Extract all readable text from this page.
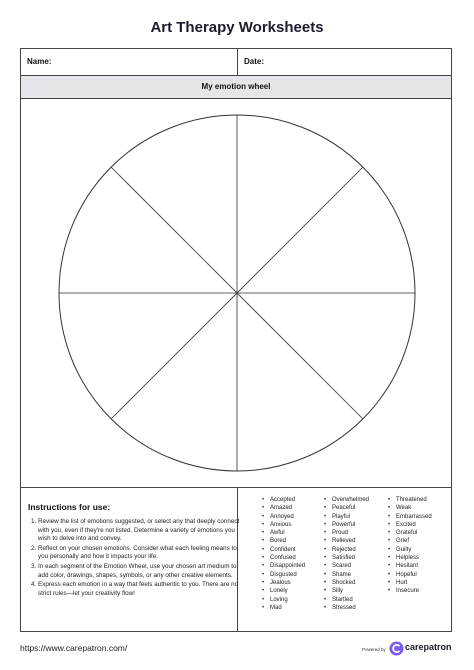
Art Therapy Worksheets
Name:	Date:
My emotion wheel
Instructions for use:
1. Review the list of emotions suggested, or select any that deeply connect with you, even if they're not listed. Determine a variety of emotions you wish to delve into and convey.
2. Reflect on your chosen emotions. Consider what each feeling means to you personally and how it impacts your life.
3. In each segment of the Emotion Wheel, use your chosen art medium to add color, drawings, shapes, symbols, or any other creative elements.
4. Express each emotion in a way that feels authentic to you. There are no strict rules—let your creativity flow!
• Accepted
• Amazed
• Annoyed
• Anxious
• Awful
• Bored
• Confident
• Confused
• Disappointed
• Disgusted
• Jealous
• Lonely
• Loving
• Mad
• Overwhelmed
• Peaceful
• Playful
• Powerful
• Proud
• Relieved
• Rejected
• Satisfied
• Scared
• Shame
• Shocked
• Silly
• Startled
• Stressed
• Threatened
• Weak
• Embarrassed
• Excited
• Grateful
• Grief
• Guilty
• Helpless
• Hesitant
• Hopeful
• Hurt
• Insecure
https://www.carepatron.com/	Powered by carepatron
